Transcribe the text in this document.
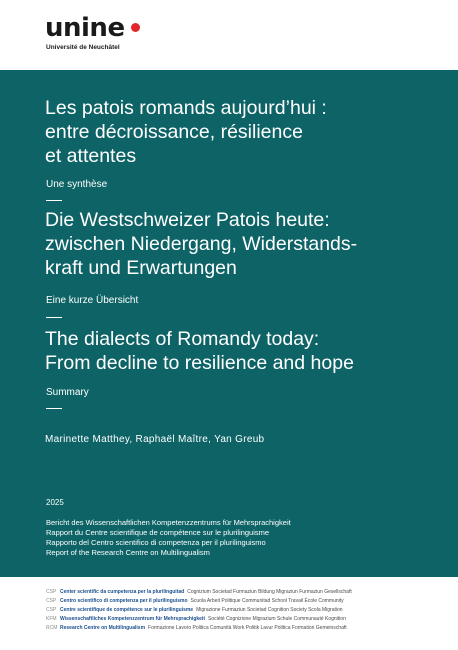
unine
Université de Neuchâtel
Les patois romands aujourd’hui :
entre décroissance, résilience
et attentes
Une synthèse
Die Westschweizer Patois heute:
zwischen Niedergang, Widerstands-
kraft und Erwartungen
Eine kurze Übersicht
The dialects of Romandy today:
From decline to resilience and hope
Summary
Marinette Matthey, Raphaël Maître, Yan Greub
2025
Bericht des Wissenschaftlichen Kompetenzzentrums für Mehrsprachigkeit
Rapport du Centre scientifique de compétence sur le plurilinguisme
Rapporto del Centro scientifico di competenza per il plurilinguismo
Report of the Research Centre on Multilingualism
CSP Center scientific da cumpetenza per la plurilinguitad Cognizium Societad Furmaziun Bildung Migraziun Furmaziun Gesellschaft
CSP Centro scientifico di competenza per il plurilinguismo Scuola Arbeit Politique Communitad School Travail École Community
CSP Centre scientifique de compétence sur le plurilinguisme Migrazione Furmaziun Societad Cognition Society Scola Migration
KFM Wissenschaftliches Kompetenzzentrum für Mehrsprachigkeit Société Cognizione Migrazium Schule Communauté Kognition
RCM Research Centre on Multilingualism Formazione Lavoro Politica Comunità Work Politik Lavur Politica Formation Gemeinschaft
